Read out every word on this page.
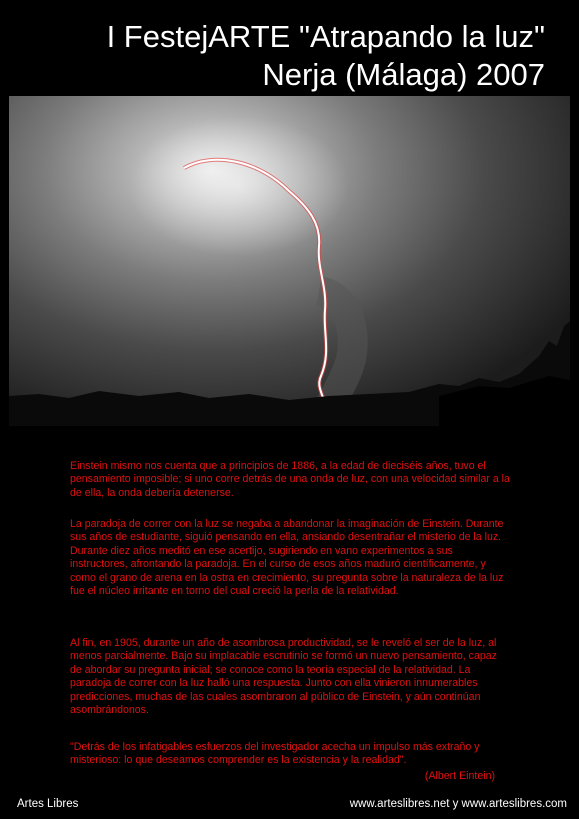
I FestejARTE "Atrapando la luz"
Nerja (Málaga) 2007
Einstein mismo nos cuenta que a principios de 1886, a la edad de dieciséis años, tuvo el pensamiento imposible; si uno corre detrás de una onda de luz, con una velocidad similar a la de ella, la onda debería detenerse.
La paradoja de correr con la luz se negaba a abandonar la imaginación de Einstein. Durante sus años de estudiante, siguió pensando en ella, ansiando desentrañar el misterio de la luz. Durante diez años meditó en ese acertijo, sugiriendo en vano experimentos a sus instructores, afrontando la paradoja. En el curso de esos años maduró científicamente, y como el grano de arena en la ostra en crecimiento, su pregunta sobre la naturaleza de la luz fue el núcleo irritante en torno del cual creció la perla de la relatividad.
Al fin, en 1905, durante un año de asombrosa productividad, se le reveló el ser de la luz, al menos parcialmente. Bajo su implacable escrutinio se formó un nuevo pensamiento, capaz de abordar su pregunta inicial; se conoce como la teoría especial de la relatividad. La paradoja de correr con la luz halló una respuesta. Junto con ella vinieron innumerables predicciones, muchas de las cuales asombraron al público de Einstein, y aún continúan asombrándonos.
"Detrás de los infatigables esfuerzos del investigador acecha un impulso más extraño y misterioso: lo que deseamos comprender es la existencia y la realidad".
(Albert Eintein)
Artes Libres	www.arteslibres.net y www.arteslibres.com
